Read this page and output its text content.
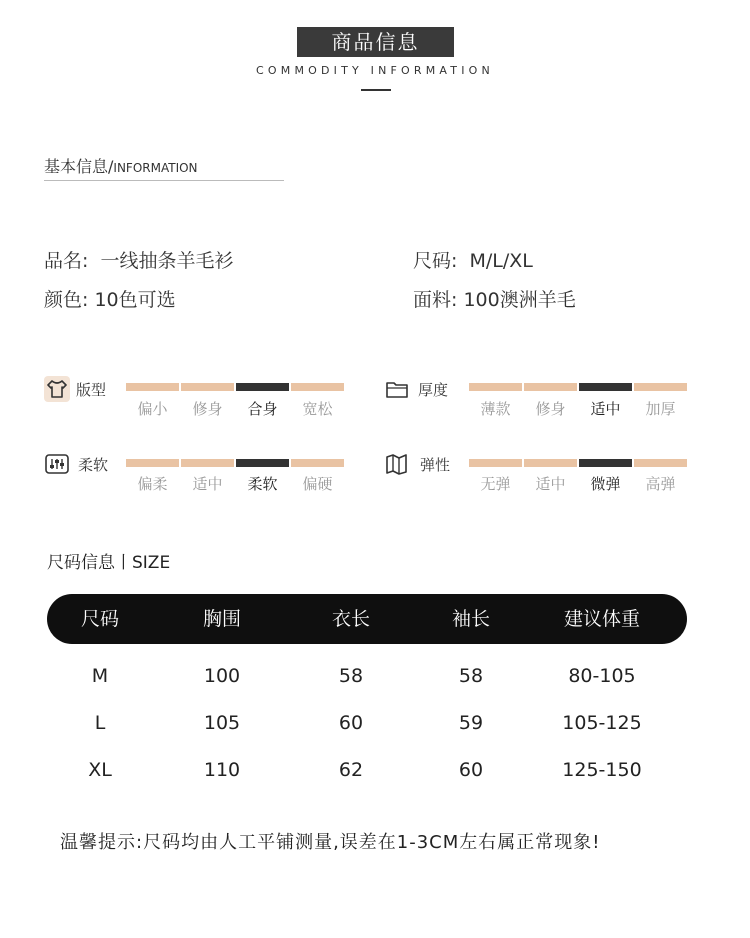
商品信息
COMMODITY INFORMATION
基本信息/INFORMATION
品名: 一线抽条羊毛衫	尺码: M/L/XL
颜色: 10色可选	面料: 100澳洲羊毛
版型
偏小	修身	合身	宽松
厚度
薄款	修身	适中	加厚
柔软
偏柔	适中	柔软	偏硬
弹性
无弹	适中	微弹	高弹
尺码信息丨SIZE
尺码	胸围	衣长	袖长	建议体重
M	100	58	58	80-105
L	105	60	59	105-125
XL	110	62	60	125-150
温馨提示:尺码均由人工平铺测量,误差在1-3CM左右属正常现象!
